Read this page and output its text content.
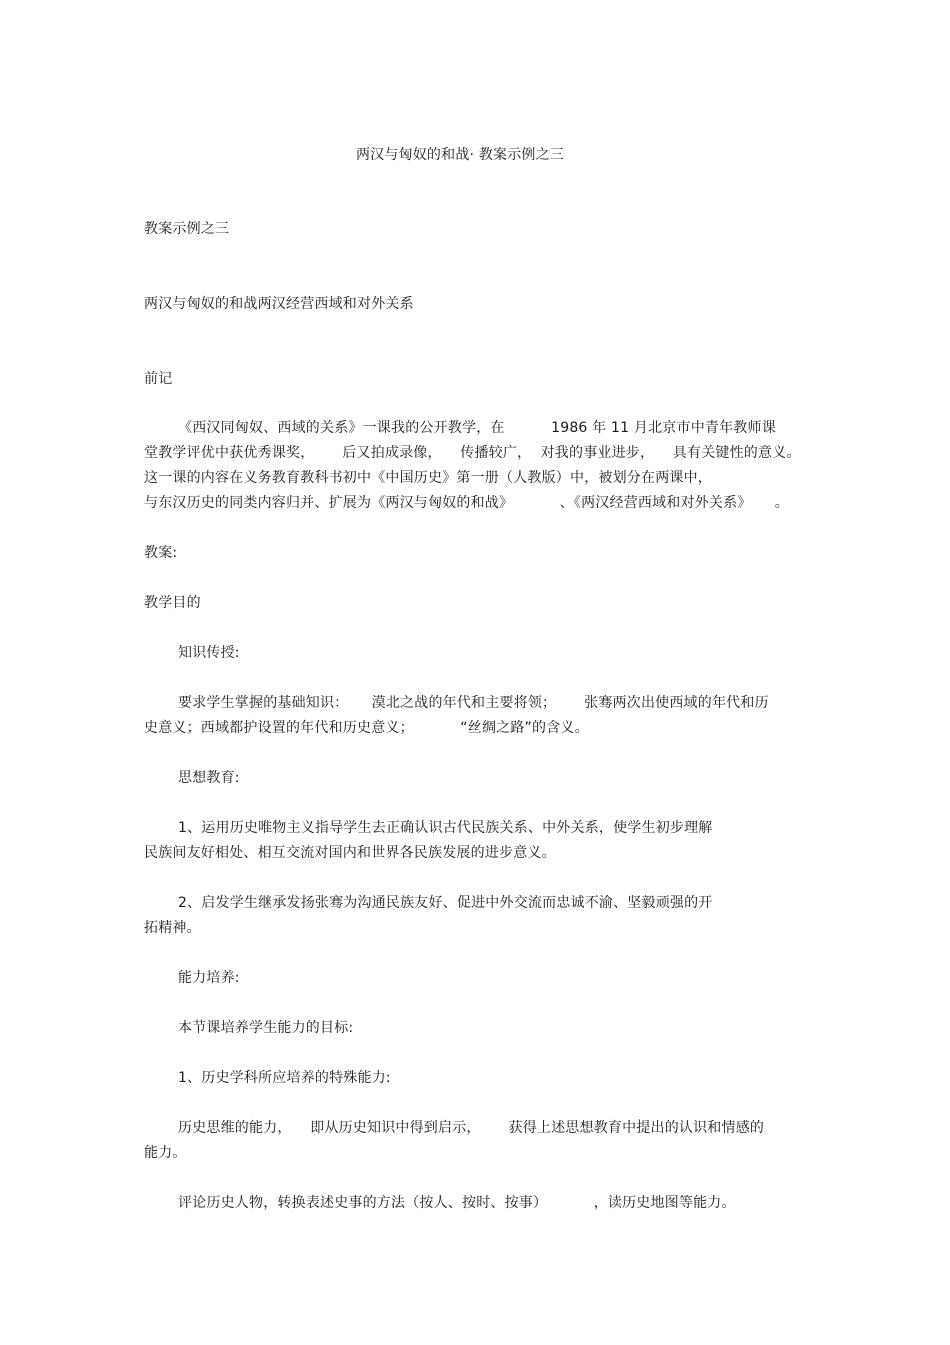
两汉与匈奴的和战· 教案示例之三
教案示例之三
两汉与匈奴的和战两汉经营西域和对外关系
前记
《西汉同匈奴、西域的关系》一课我的公开教学，在          1986 年 11 月北京市中青年教师课
堂教学评优中获优秀课奖，      后又拍成录像，    传播较广，  对我的事业进步，    具有关键性的意义。
这一课的内容在义务教育教科书初中《中国历史》第一册（人教版）中，被划分在两课中，
与东汉历史的同类内容归并、扩展为《两汉与匈奴的和战》          、《两汉经营西域和对外关系》     。
教案:
教学目的
知识传授:
要求学生掌握的基础知识：     漠北之战的年代和主要将领；      张骞两次出使西域的年代和历
史意义；西域都护设置的年代和历史意义；          “丝绸之路”的含义。
思想教育:
1、运用历史唯物主义指导学生去正确认识古代民族关系、中外关系，使学生初步理解
民族间友好相处、相互交流对国内和世界各民族发展的进步意义。
2、启发学生继承发扬张骞为沟通民族友好、促进中外交流而忠诚不渝、坚毅顽强的开
拓精神。
能力培养:
本节课培养学生能力的目标:
1、历史学科所应培养的特殊能力:
历史思维的能力，    即从历史知识中得到启示，      获得上述思想教育中提出的认识和情感的
能力。
评论历史人物，转换表述史事的方法（按人、按时、按事）          ，读历史地图等能力。
